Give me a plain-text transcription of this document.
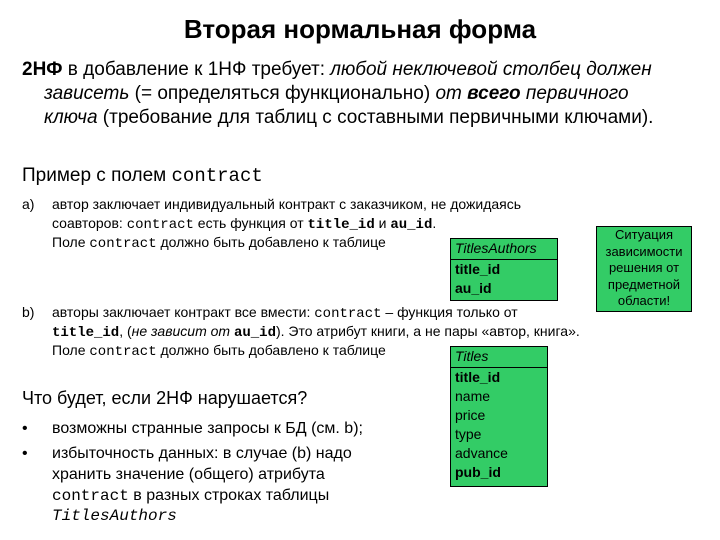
Вторая нормальная форма
2НФ в добавление к 1НФ требует: любой неключевой столбец должен
зависеть (= определяться функционально) от всего первичного
ключа (требование для таблиц с составными первичными ключами).
Пример с полем contract
a) автор заключает индивидуальный контракт с заказчиком, не дожидаясь
соавторов: contract есть функция от title_id и au_id.
Поле contract должно быть добавлено к таблице	TitlesAuthors
title_id
au_id
Ситуация
зависимости
решения от
предметной
области!
b) авторы заключает контракт все вмести: contract – функция только от
title_id, (не зависит от au_id). Это атрибут книги, а не пары «автор, книга».
Поле contract должно быть добавлено к таблице	Titles
title_id
name
price
type
advance
pub_id
Что будет, если 2НФ нарушается?
• возможны странные запросы к БД (см. b);
• избыточность данных: в случае (b) надо
хранить значение (общего) атрибута
contract в разных строках таблицы
TitlesAuthors
